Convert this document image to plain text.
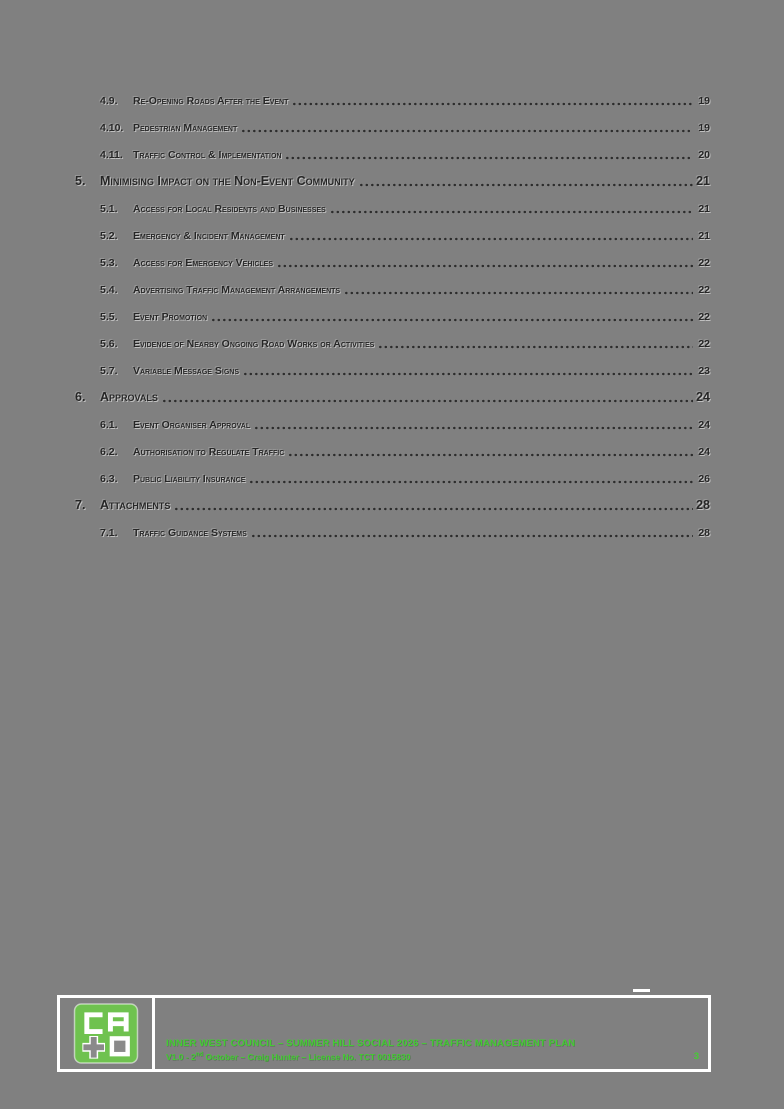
4.9.	Re-Opening Roads After the Event	19
4.10. Pedestrian Management	19
4.11. Traffic Control & Implementation	20
5.	Minimising Impact on the Non-Event Community	21
5.1.	Access for Local Residents and Businesses	21
5.2.	Emergency & Incident Management	21
5.3.	Access for Emergency Vehicles	22
5.4.	Advertising Traffic Management Arrangements	22
5.5.	Event Promotion	22
5.6.	Evidence of Nearby Ongoing Road Works or Activities	22
5.7.	Variable Message Signs	23
6.	Approvals	24
6.1.	Event Organiser Approval	24
6.2.	Authorisation to Regulate Traffic	24
6.3.	Public Liability Insurance	26
7.	Attachments	28
7.1.	Traffic Guidance Systems	28
INNER WEST COUNCIL – SUMMER HILL SOCIAL 2026 – TRAFFIC MANAGEMENT PLAN
V1.0 - 2nd October – Craig Hunter – License No. TCT 0015830	3
